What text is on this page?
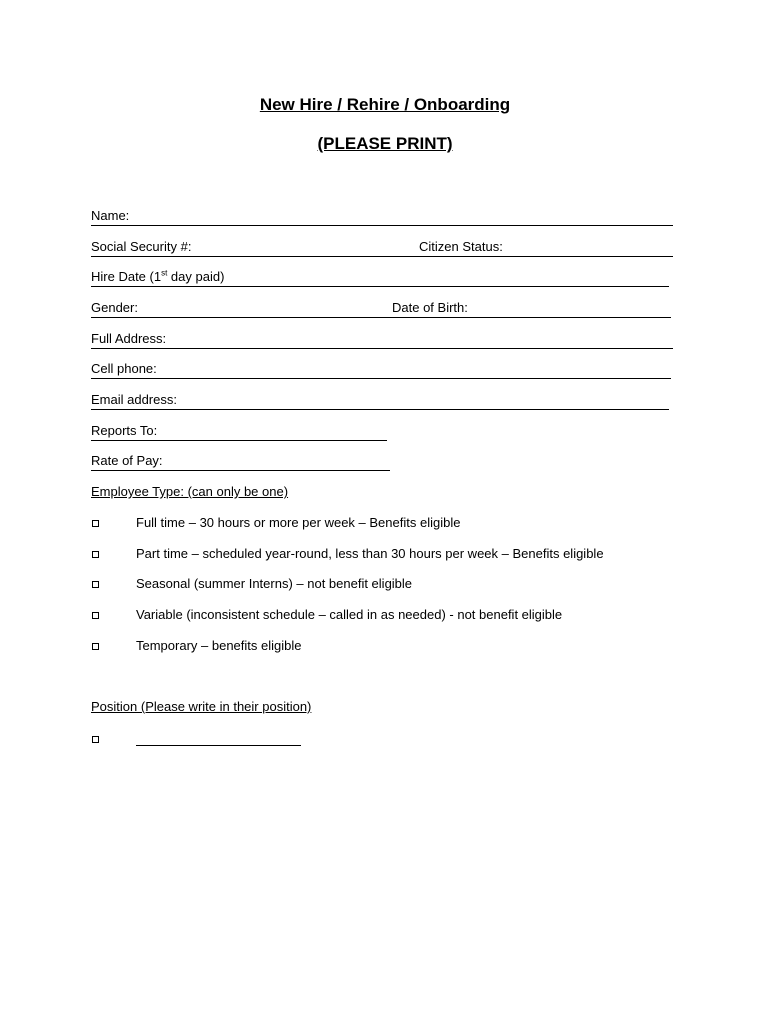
New Hire / Rehire / Onboarding
(PLEASE PRINT)
Name:
Social Security #:	Citizen Status:
Hire Date (1st day paid)
Gender:	Date of Birth:
Full Address:
Cell phone:
Email address:
Reports To:
Rate of Pay:
Employee Type: (can only be one)
Full time – 30 hours or more per week – Benefits eligible
Part time – scheduled year-round, less than 30 hours per week – Benefits eligible
Seasonal (summer Interns) – not benefit eligible
Variable (inconsistent schedule – called in as needed) - not benefit eligible
Temporary – benefits eligible
Position (Please write in their position)
